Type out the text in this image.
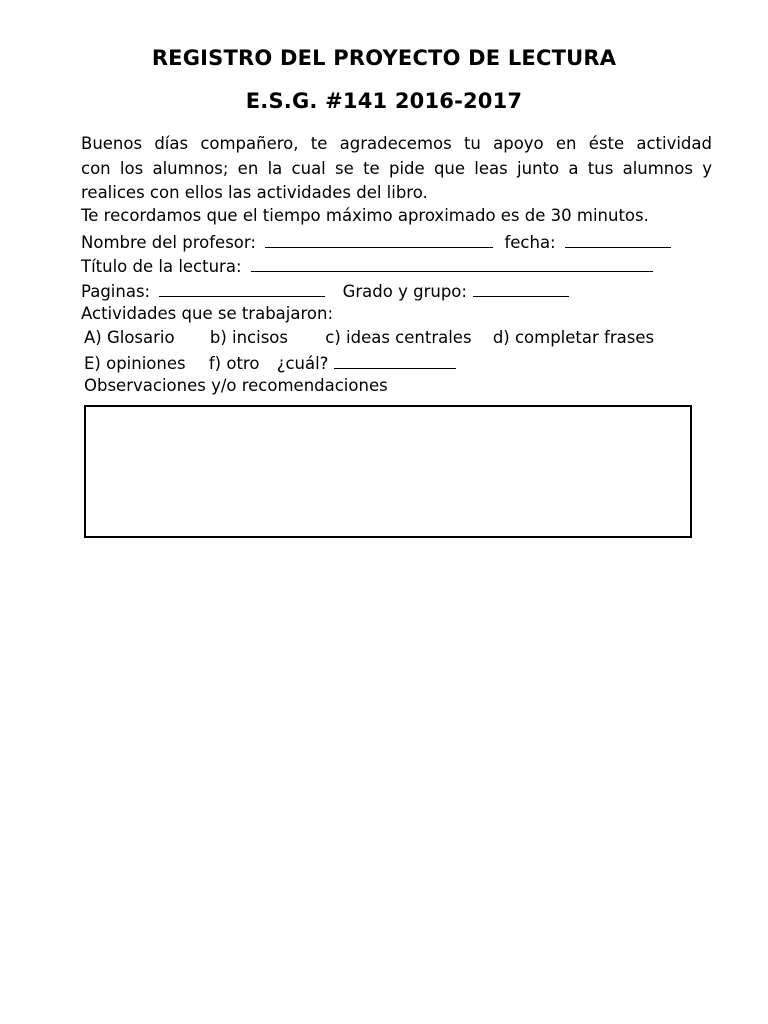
REGISTRO DEL PROYECTO DE LECTURA
E.S.G. #141 2016-2017
Buenos días compañero, te agradecemos tu apoyo en éste actividad
con los alumnos; en la cual se te pide que leas junto a tus alumnos y
realices con ellos las actividades del libro.
Te recordamos que el tiempo máximo aproximado es de 30 minutos.
Nombre del profesor:	fecha:
Título de la lectura:
Paginas:	Grado y grupo:
Actividades que se trabajaron:
A) Glosario b) incisos c) ideas centrales d) completar frases
E) opiniones f) otro ¿cuál?
Observaciones y/o recomendaciones
